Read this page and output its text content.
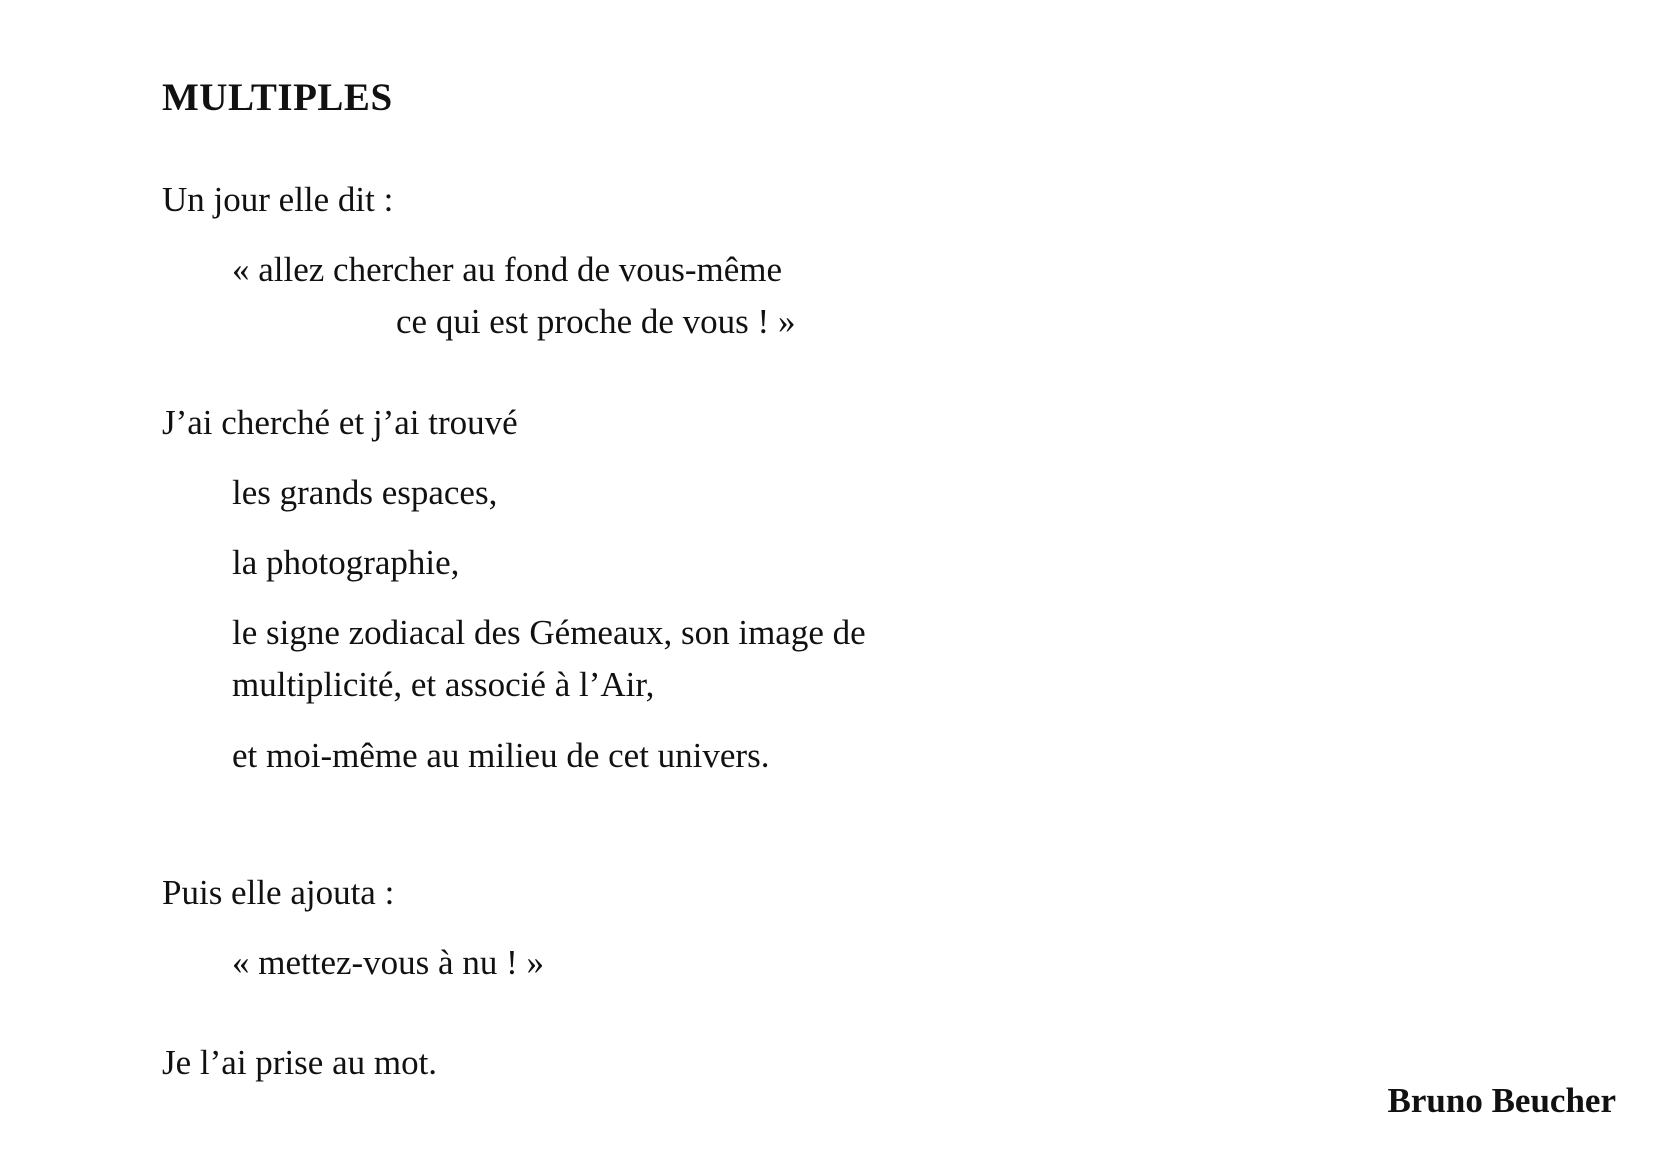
MULTIPLES
Un jour elle dit :
« allez chercher au fond de vous-même
ce qui est proche de vous ! »
J’ai cherché et j’ai trouvé
les grands espaces,
la photographie,
le signe zodiacal des Gémeaux, son image de
multiplicité, et associé à l’Air,
et moi-même au milieu de cet univers.
Puis elle ajouta :
« mettez-vous à nu ! »
Je l’ai prise au mot.
Bruno Beucher
